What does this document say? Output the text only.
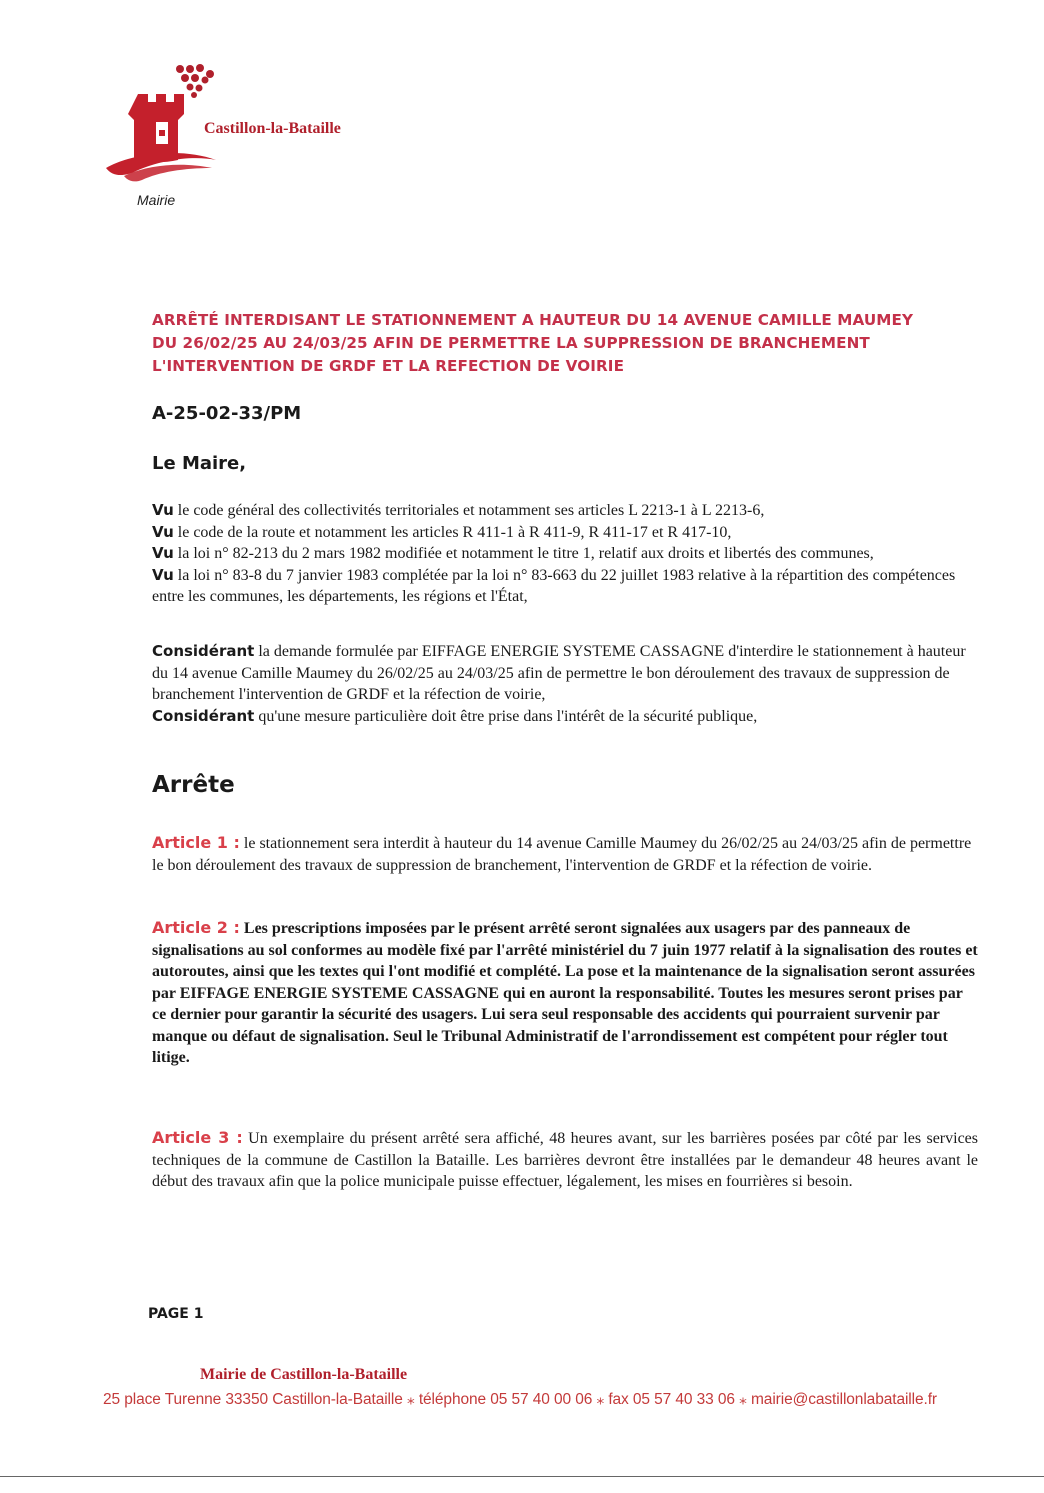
Castillon-la-Bataille
Mairie
ARRÊTÉ INTERDISANT LE STATIONNEMENT A HAUTEUR DU 14 AVENUE CAMILLE MAUMEY
DU 26/02/25 AU 24/03/25 AFIN DE PERMETTRE LA SUPPRESSION DE BRANCHEMENT
L'INTERVENTION DE GRDF ET LA REFECTION DE VOIRIE
A-25-02-33/PM
Le Maire,

Vu le code général des collectivités territoriales et notamment ses articles L 2213-1 à L 2213-6,

Vu le code de la route et notamment les articles R 411-1 à R 411-9, R 411-17 et R 417-10,

Vu la loi n° 82-213 du 2 mars 1982 modifiée et notamment le titre 1, relatif aux droits et libertés des communes,

Vu la loi n° 83-8 du 7 janvier 1983 complétée par la loi n° 83-663 du 22 juillet 1983 relative à la répartition des compétences entre les communes, les départements, les régions et l'État,

Considérant la demande formulée par EIFFAGE ENERGIE SYSTEME CASSAGNE d'interdire le stationnement à hauteur du 14 avenue Camille Maumey du 26/02/25 au 24/03/25 afin de permettre le bon déroulement des travaux de suppression de branchement l'intervention de GRDF et la réfection de voirie,

Considérant qu'une mesure particulière doit être prise dans l'intérêt de la sécurité publique,

Arrête

Article 1 : le stationnement sera interdit à hauteur du 14 avenue Camille Maumey du 26/02/25 au 24/03/25 afin de permettre le bon déroulement des travaux de suppression de branchement, l'intervention de GRDF et la réfection de voirie.

Article 2 : Les prescriptions imposées par le présent arrêté seront signalées aux usagers par des panneaux de signalisations au sol conformes au modèle fixé par l'arrêté ministériel du 7 juin 1977 relatif à la signalisation des routes et autoroutes, ainsi que les textes qui l'ont modifié et complété. La pose et la maintenance de la signalisation seront assurées par EIFFAGE ENERGIE SYSTEME CASSAGNE qui en auront la responsabilité. Toutes les mesures seront prises par ce dernier pour garantir la sécurité des usagers. Lui sera seul responsable des accidents qui pourraient survenir par manque ou défaut de signalisation. Seul le Tribunal Administratif de l'arrondissement est compétent pour régler tout litige.

Article 3 : Un exemplaire du présent arrêté sera affiché, 48 heures avant, sur les barrières posées par côté par les services techniques de la commune de Castillon la Bataille. Les barrières devront être installées par le demandeur 48 heures avant le début des travaux afin que la police municipale puisse effectuer, légalement, les mises en fourrières si besoin.

PAGE 1
Mairie de Castillon-la-Bataille
25 place Turenne 33350 Castillon-la-Bataille ⁎ téléphone 05 57 40 00 06 ⁎ fax 05 57 40 33 06 ⁎ mairie@castillonlabataille.fr
